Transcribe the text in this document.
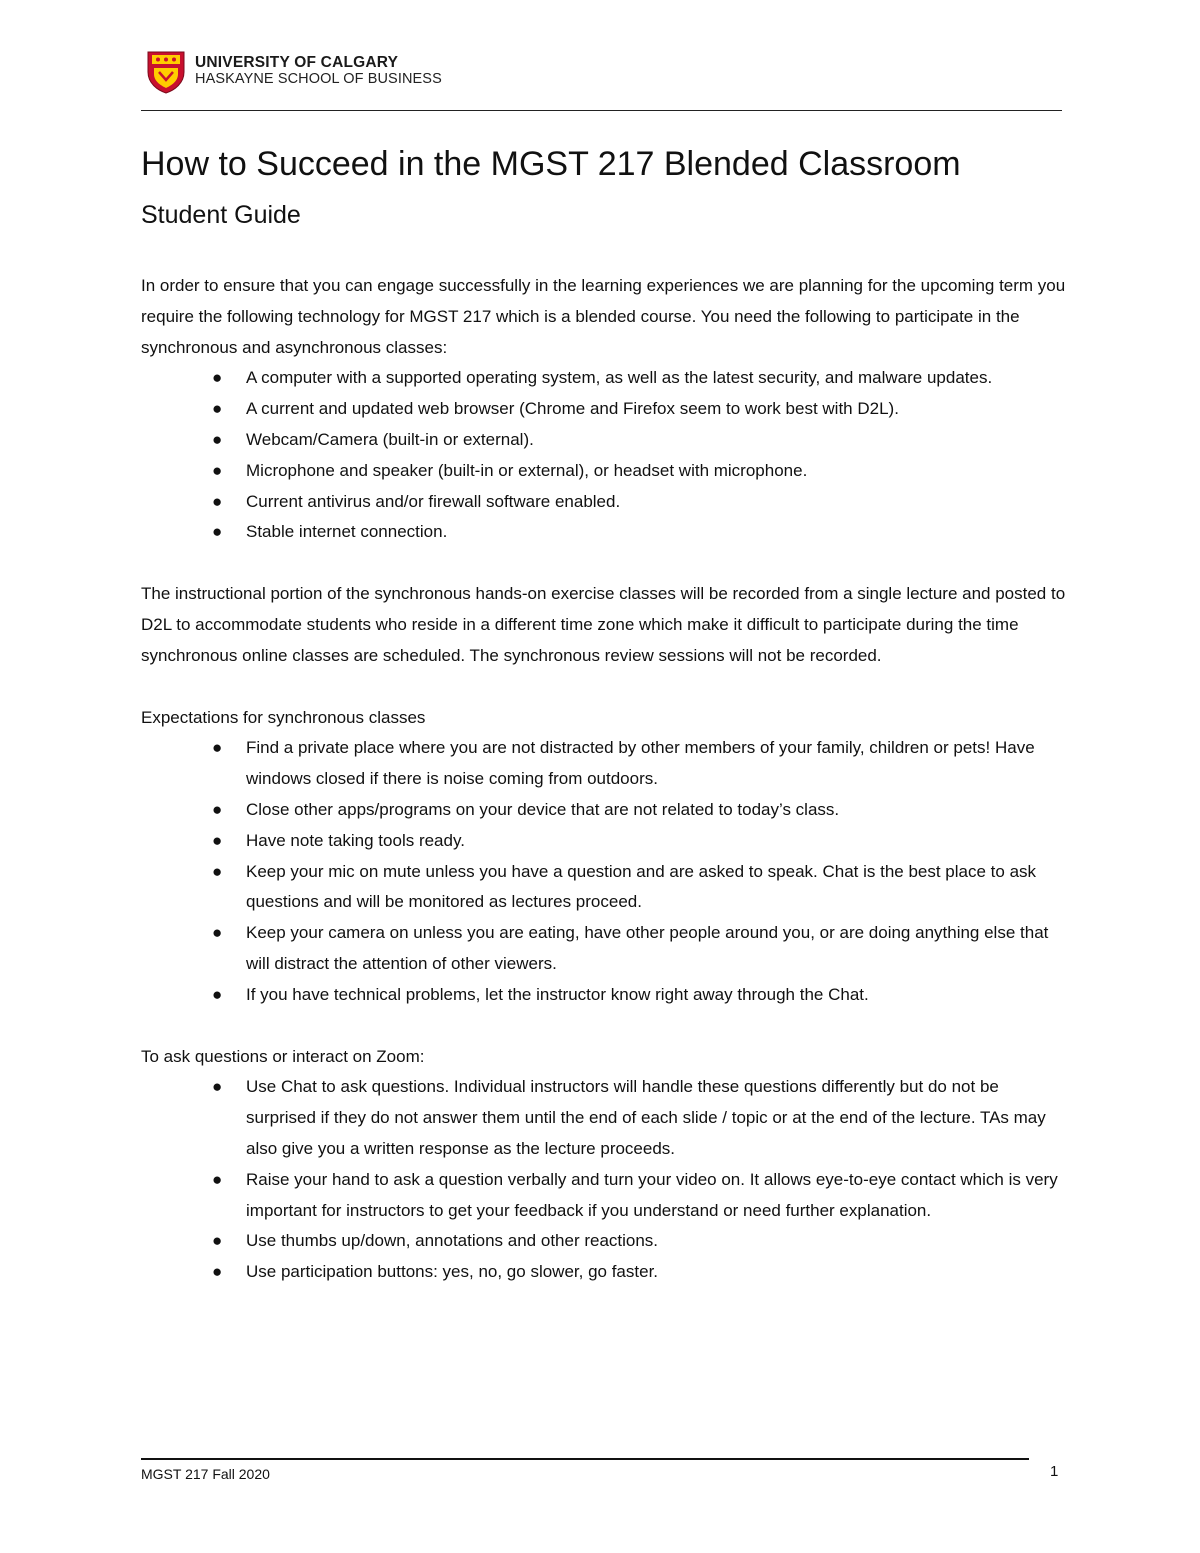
UNIVERSITY OF CALGARY
HASKAYNE SCHOOL OF BUSINESS
How to Succeed in the MGST 217 Blended Classroom
Student Guide

In order to ensure that you can engage successfully in the learning experiences we are planning for the upcoming term you require the following technology for MGST 217 which is a blended course. You need the following to participate in the synchronous and asynchronous classes:

●	A computer with a supported operating system, as well as the latest security, and malware updates.
●	A current and updated web browser (Chrome and Firefox seem to work best with D2L).
●	Webcam/Camera (built-in or external).
●	Microphone and speaker (built-in or external), or headset with microphone.
●	Current antivirus and/or firewall software enabled.
●	Stable internet connection.

The instructional portion of the synchronous hands-on exercise classes will be recorded from a single lecture and posted to D2L to accommodate students who reside in a different time zone which make it difficult to participate during the time synchronous online classes are scheduled. The synchronous review sessions will not be recorded.

Expectations for synchronous classes

●	Find a private place where you are not distracted by other members of your family, children or pets! Have windows closed if there is noise coming from outdoors.
●	Close other apps/programs on your device that are not related to today’s class.
●	Have note taking tools ready.
●	Keep your mic on mute unless you have a question and are asked to speak. Chat is the best place to ask questions and will be monitored as lectures proceed.
●	Keep your camera on unless you are eating, have other people around you, or are doing anything else that will distract the attention of other viewers.
●	If you have technical problems, let the instructor know right away through the Chat.

To ask questions or interact on Zoom:

●	Use Chat to ask questions. Individual instructors will handle these questions differently but do not be surprised if they do not answer them until the end of each slide / topic or at the end of the lecture. TAs may also give you a written response as the lecture proceeds.
●	Raise your hand to ask a question verbally and turn your video on. It allows eye-to-eye contact which is very important for instructors to get your feedback if you understand or need further explanation.
●	Use thumbs up/down, annotations and other reactions.
●	Use participation buttons: yes, no, go slower, go faster.
MGST 217 Fall 2020	1
